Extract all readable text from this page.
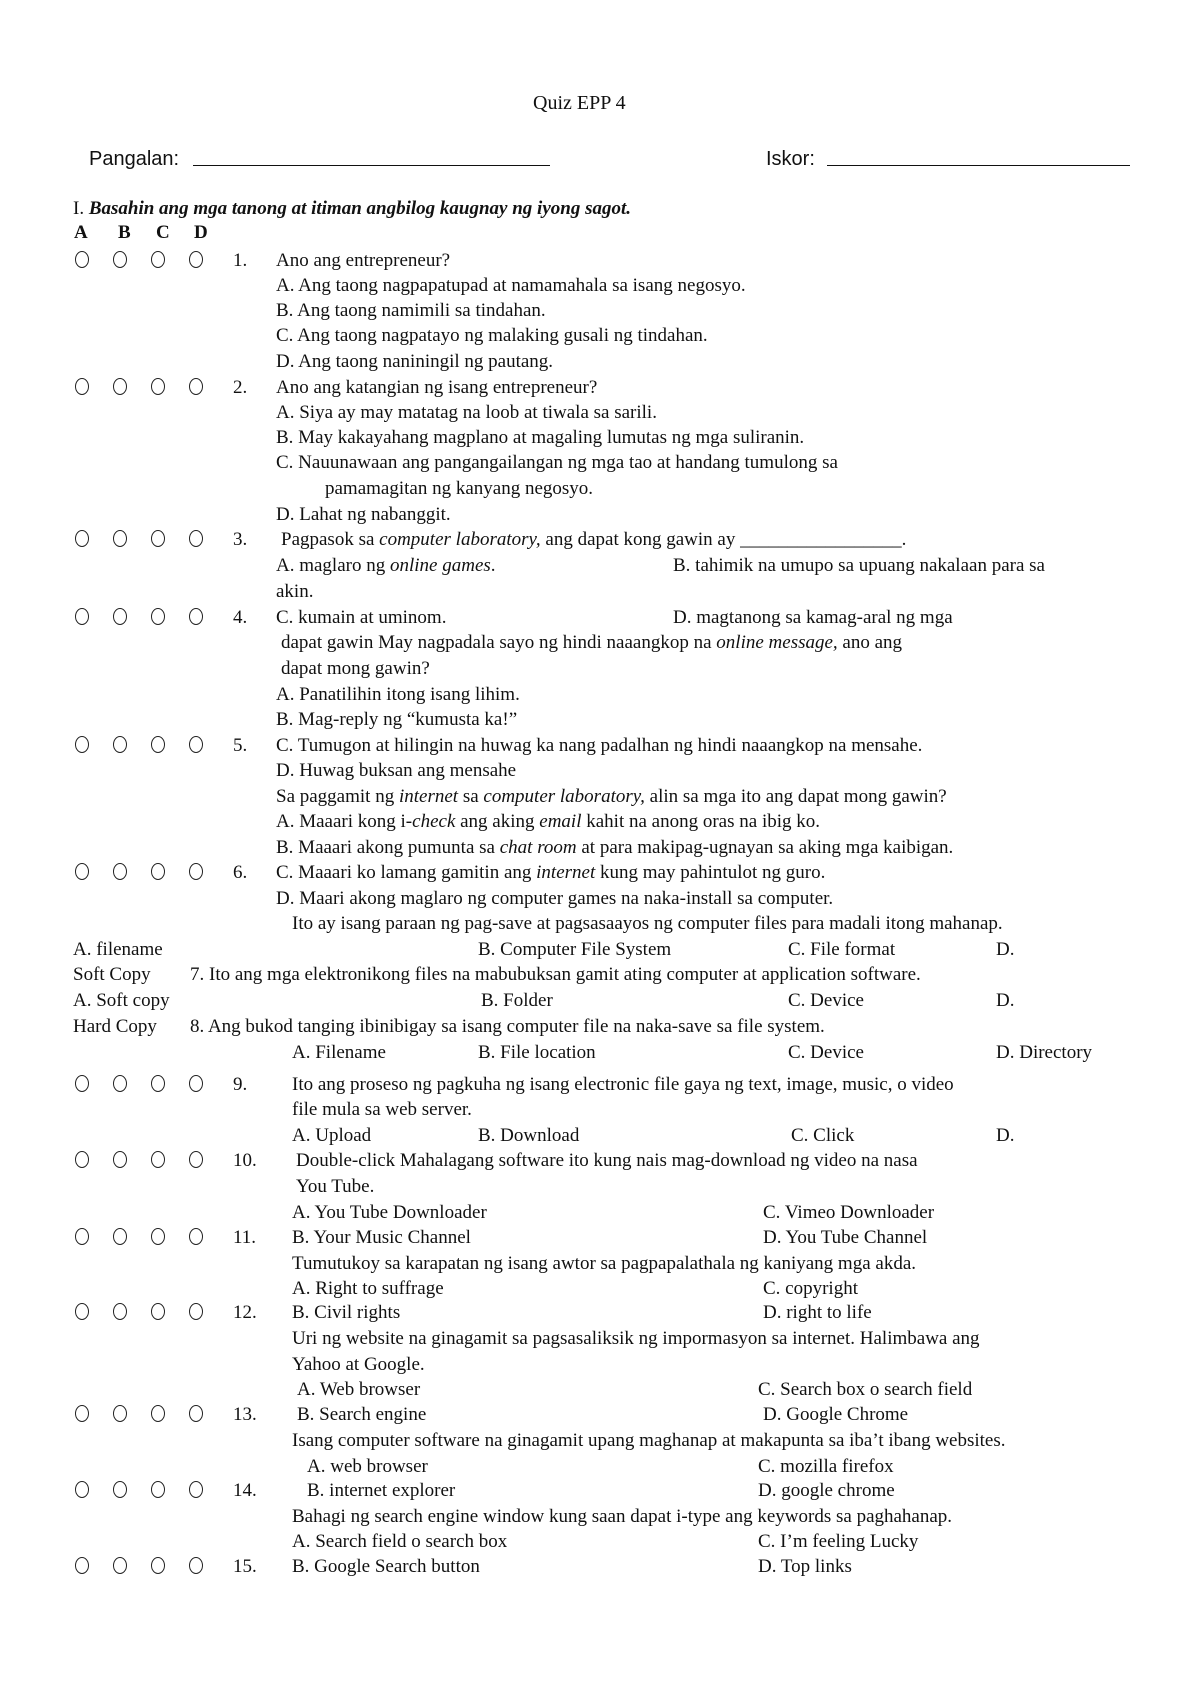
Quiz EPP 4
Pangalan:	Iskor:
I. Basahin ang mga tanong at itiman angbilog kaugnay ng iyong sagot.
A B C D
1.
2.
3.
4.
5.
6.
9.
10.
11.
12.
13.
14.
15.
Ano ang entrepreneur?
A. Ang taong nagpapatupad at namamahala sa isang negosyo.
B. Ang taong namimili sa tindahan.
C. Ang taong nagpatayo ng malaking gusali ng tindahan.
D. Ang taong naniningil ng pautang.
Ano ang katangian ng isang entrepreneur?
A. Siya ay may matatag na loob at tiwala sa sarili.
B. May kakayahang magplano at magaling lumutas ng mga suliranin.
C. Nauunawaan ang pangangailangan ng mga tao at handang tumulong sa
pamamagitan ng kanyang negosyo.
D. Lahat ng nabanggit.
Pagpasok sa computer laboratory, ang dapat kong gawin ay _________________.
A. maglaro ng online games.	B. tahimik na umupo sa upuang nakalaan para sa
akin.
C. kumain at uminom.	D. magtanong sa kamag-aral ng mga
dapat gawin May nagpadala sayo ng hindi naaangkop na online message, ano ang
dapat mong gawin?
A. Panatilihin itong isang lihim.
B. Mag-reply ng “kumusta ka!”
C. Tumugon at hilingin na huwag ka nang padalhan ng hindi naaangkop na mensahe.
D. Huwag buksan ang mensahe
Sa paggamit ng internet sa computer laboratory, alin sa mga ito ang dapat mong gawin?
A. Maaari kong i-check ang aking email kahit na anong oras na ibig ko.
B. Maaari akong pumunta sa chat room at para makipag-ugnayan sa aking mga kaibigan.
C. Maaari ko lamang gamitin ang internet kung may pahintulot ng guro.
D. Maari akong maglaro ng computer games na naka-install sa computer.
Ito ay isang paraan ng pag-save at pagsasaayos ng computer files para madali itong mahanap.
A. filename	B. Computer File System	C. File format	D.
Soft Copy 7. Ito ang mga elektronikong files na mabubuksan gamit ating computer at application software.
A. Soft copy	B. Folder	C. Device	D.
Hard Copy 8. Ang bukod tanging ibinibigay sa isang computer file na naka-save sa file system.
A. Filename	B. File location	C. Device	D. Directory
Ito ang proseso ng pagkuha ng isang electronic file gaya ng text, image, music, o video
file mula sa web server.
A. Upload	B. Download	C. Click	D.
Double-click Mahalagang software ito kung nais mag-download ng video na nasa
You Tube.
A. You Tube Downloader	C. Vimeo Downloader
B. Your Music Channel	D. You Tube Channel
Tumutukoy sa karapatan ng isang awtor sa pagpapalathala ng kaniyang mga akda.
A. Right to suffrage	C. copyright
B. Civil rights	D. right to life
Uri ng website na ginagamit sa pagsasaliksik ng impormasyon sa internet. Halimbawa ang
Yahoo at Google.
A. Web browser	C. Search box o search field
B. Search engine	D. Google Chrome
Isang computer software na ginagamit upang maghanap at makapunta sa iba’t ibang websites.
A. web browser	C. mozilla firefox
B. internet explorer	D. google chrome
Bahagi ng search engine window kung saan dapat i-type ang keywords sa paghahanap.
A. Search field o search box	C. I’m feeling Lucky
B. Google Search button	D. Top links
